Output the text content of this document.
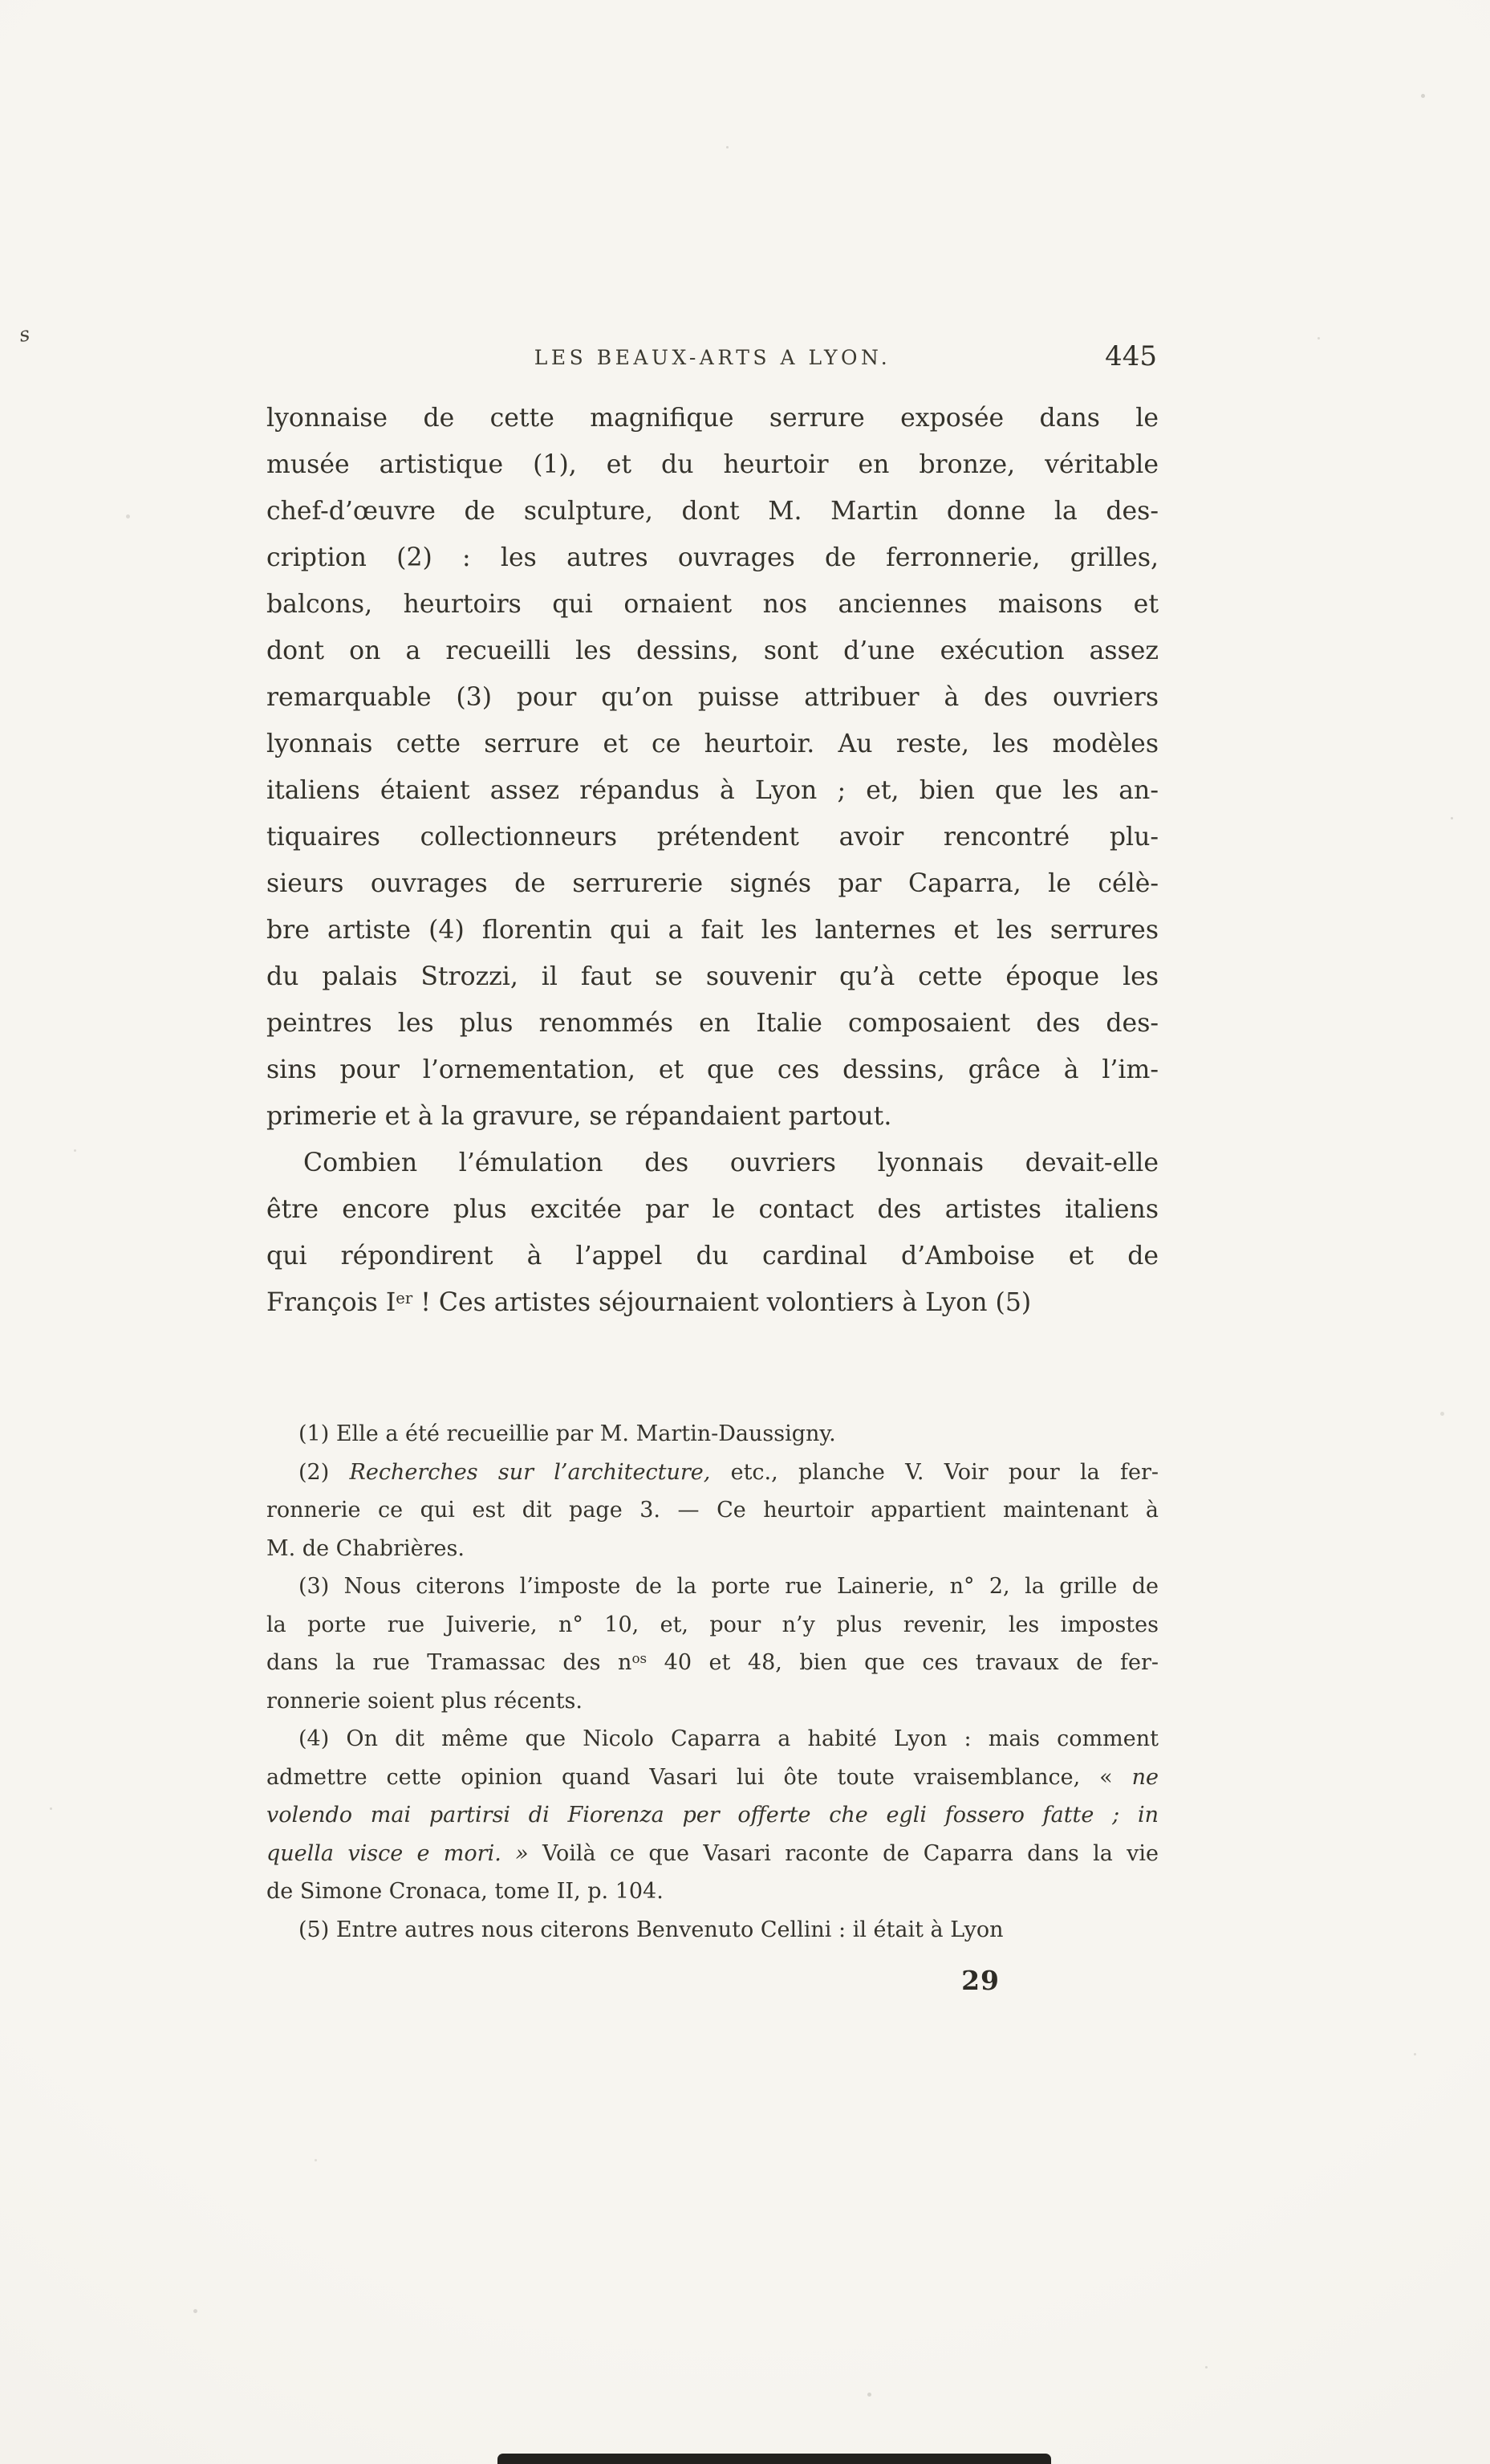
s
LES BEAUX-ARTS A LYON.	445
lyonnaise de cette magnifique serrure exposée dans le
musée artistique (1), et du heurtoir en bronze, véritable
chef-d’œuvre de sculpture, dont M. Martin donne la des-
cription (2) : les autres ouvrages de ferronnerie, grilles,
balcons, heurtoirs qui ornaient nos anciennes maisons et
dont on a recueilli les dessins, sont d’une exécution assez
remarquable (3) pour qu’on puisse attribuer à des ouvriers
lyonnais cette serrure et ce heurtoir. Au reste, les modèles
italiens étaient assez répandus à Lyon ; et, bien que les an-
tiquaires collectionneurs prétendent avoir rencontré plu-
sieurs ouvrages de serrurerie signés par Caparra, le célè-
bre artiste (4) florentin qui a fait les lanternes et les serrures
du palais Strozzi, il faut se souvenir qu’à cette époque les
peintres les plus renommés en Italie composaient des des-
sins pour l’ornementation, et que ces dessins, grâce à l’im-
primerie et à la gravure, se répandaient partout.
Combien l’émulation des ouvriers lyonnais devait-elle
être encore plus excitée par le contact des artistes italiens
qui répondirent à l’appel du cardinal d’Amboise et de
François Ier ! Ces artistes séjournaient volontiers à Lyon (5)
(1) Elle a été recueillie par M. Martin-Daussigny.
(2) Recherches sur l’architecture, etc., planche V. Voir pour la fer-
ronnerie ce qui est dit page 3. — Ce heurtoir appartient maintenant à
M. de Chabrières.
(3) Nous citerons l’imposte de la porte rue Lainerie, n° 2, la grille de
la porte rue Juiverie, n° 10, et, pour n’y plus revenir, les impostes
dans la rue Tramassac des $n^{os}$ 40 et 48, bien que ces travaux de fer-
ronnerie soient plus récents.
(4) On dit même que Nicolo Caparra a habité Lyon : mais comment
admettre cette opinion quand Vasari lui ôte toute vraisemblance, « ne
volendo mai partirsi di Fiorenza per offerte che egli fossero fatte ; in
quella visce e mori. » Voilà ce que Vasari raconte de Caparra dans la vie
de Simone Cronaca, tome II, p. 104.
(5) Entre autres nous citerons Benvenuto Cellini : il était à Lyon
29
